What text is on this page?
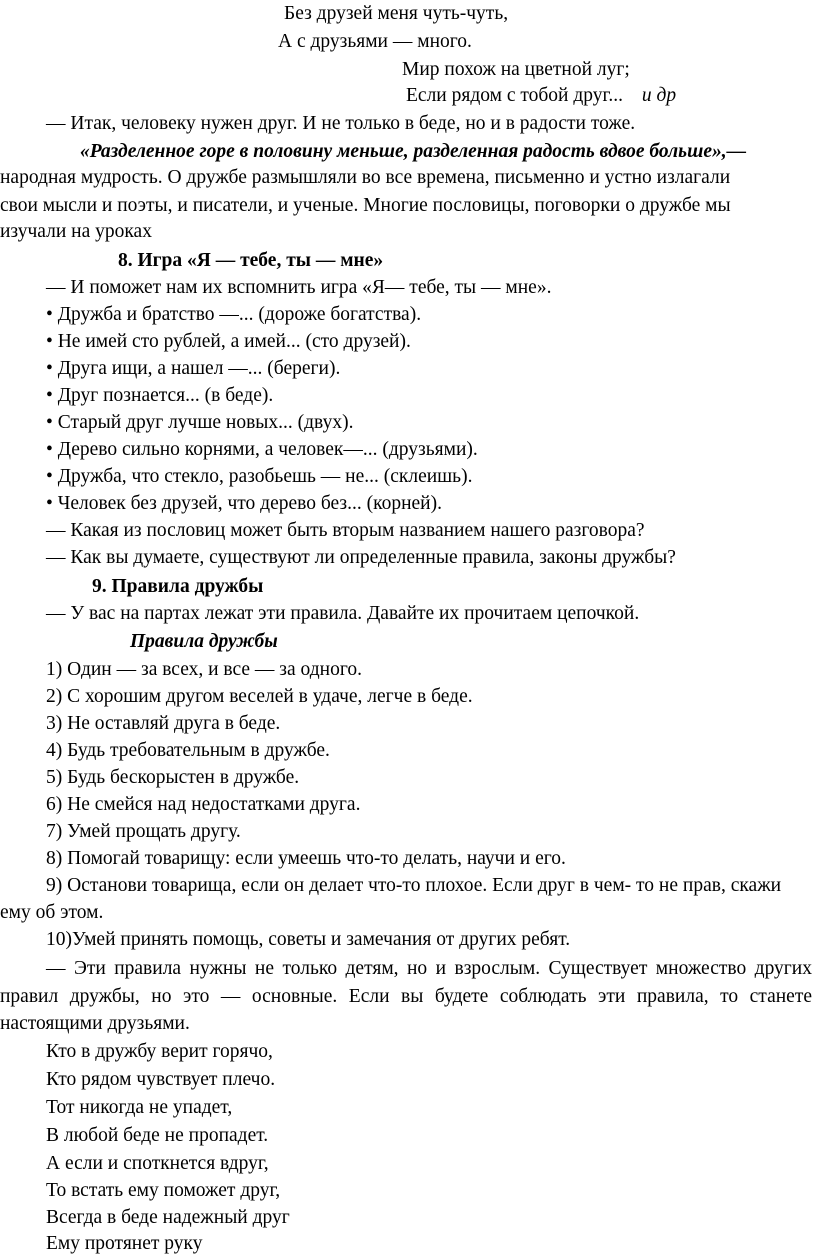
Без друзей меня чуть-чуть,
А с друзьями — много.
Мир похож на цветной луг;
Если рядом с тобой друг... и др
— Итак, человеку нужен друг. И не только в беде, но и в радости тоже.
«Разделенное горе в половину меньше, разделенная радость вдвое больше»,—
народная мудрость. О дружбе размышляли во все времена, письменно и устно излагали
свои мысли и поэты, и писатели, и ученые. Многие пословицы, поговорки о дружбе мы
изучали на уроках
8. Игра «Я — тебе, ты — мне»
— И поможет нам их вспомнить игра «Я— тебе, ты — мне».
• Дружба и братство —... (дороже богатства).
• Не имей сто рублей, а имей... (сто друзей).
• Друга ищи, а нашел —... (береги).
• Друг познается... (в беде).
• Старый друг лучше новых... (двух).
• Дерево сильно корнями, а человек—... (друзьями).
• Дружба, что стекло, разобьешь — не... (склеишь).
• Человек без друзей, что дерево без... (корней).
— Какая из пословиц может быть вторым названием нашего разговора?
— Как вы думаете, существуют ли определенные правила, законы дружбы?
9. Правила дружбы
— У вас на партах лежат эти правила. Давайте их прочитаем цепочкой.
Правила дружбы
1) Один — за всех, и все — за одного.
2) С хорошим другом веселей в удаче, легче в беде.
3) Не оставляй друга в беде.
4) Будь требовательным в дружбе.
5) Будь бескорыстен в дружбе.
6) Не смейся над недостатками друга.
7) Умей прощать другу.
8) Помогай товарищу: если умеешь что-то делать, научи и его.
9) Останови товарища, если он делает что-то плохое. Если друг в чем- то не прав, скажи
ему об этом.
10)Умей принять помощь, советы и замечания от других ребят.
— Эти правила нужны не только детям, но и взрослым. Существует множество других
правил дружбы, но это — основные. Если вы будете соблюдать эти правила, то станете
настоящими друзьями.
Кто в дружбу верит горячо,
Кто рядом чувствует плечо.
Тот никогда не упадет,
В любой беде не пропадет.
А если и споткнется вдруг,
То встать ему поможет друг,
Всегда в беде надежный друг
Ему протянет руку
